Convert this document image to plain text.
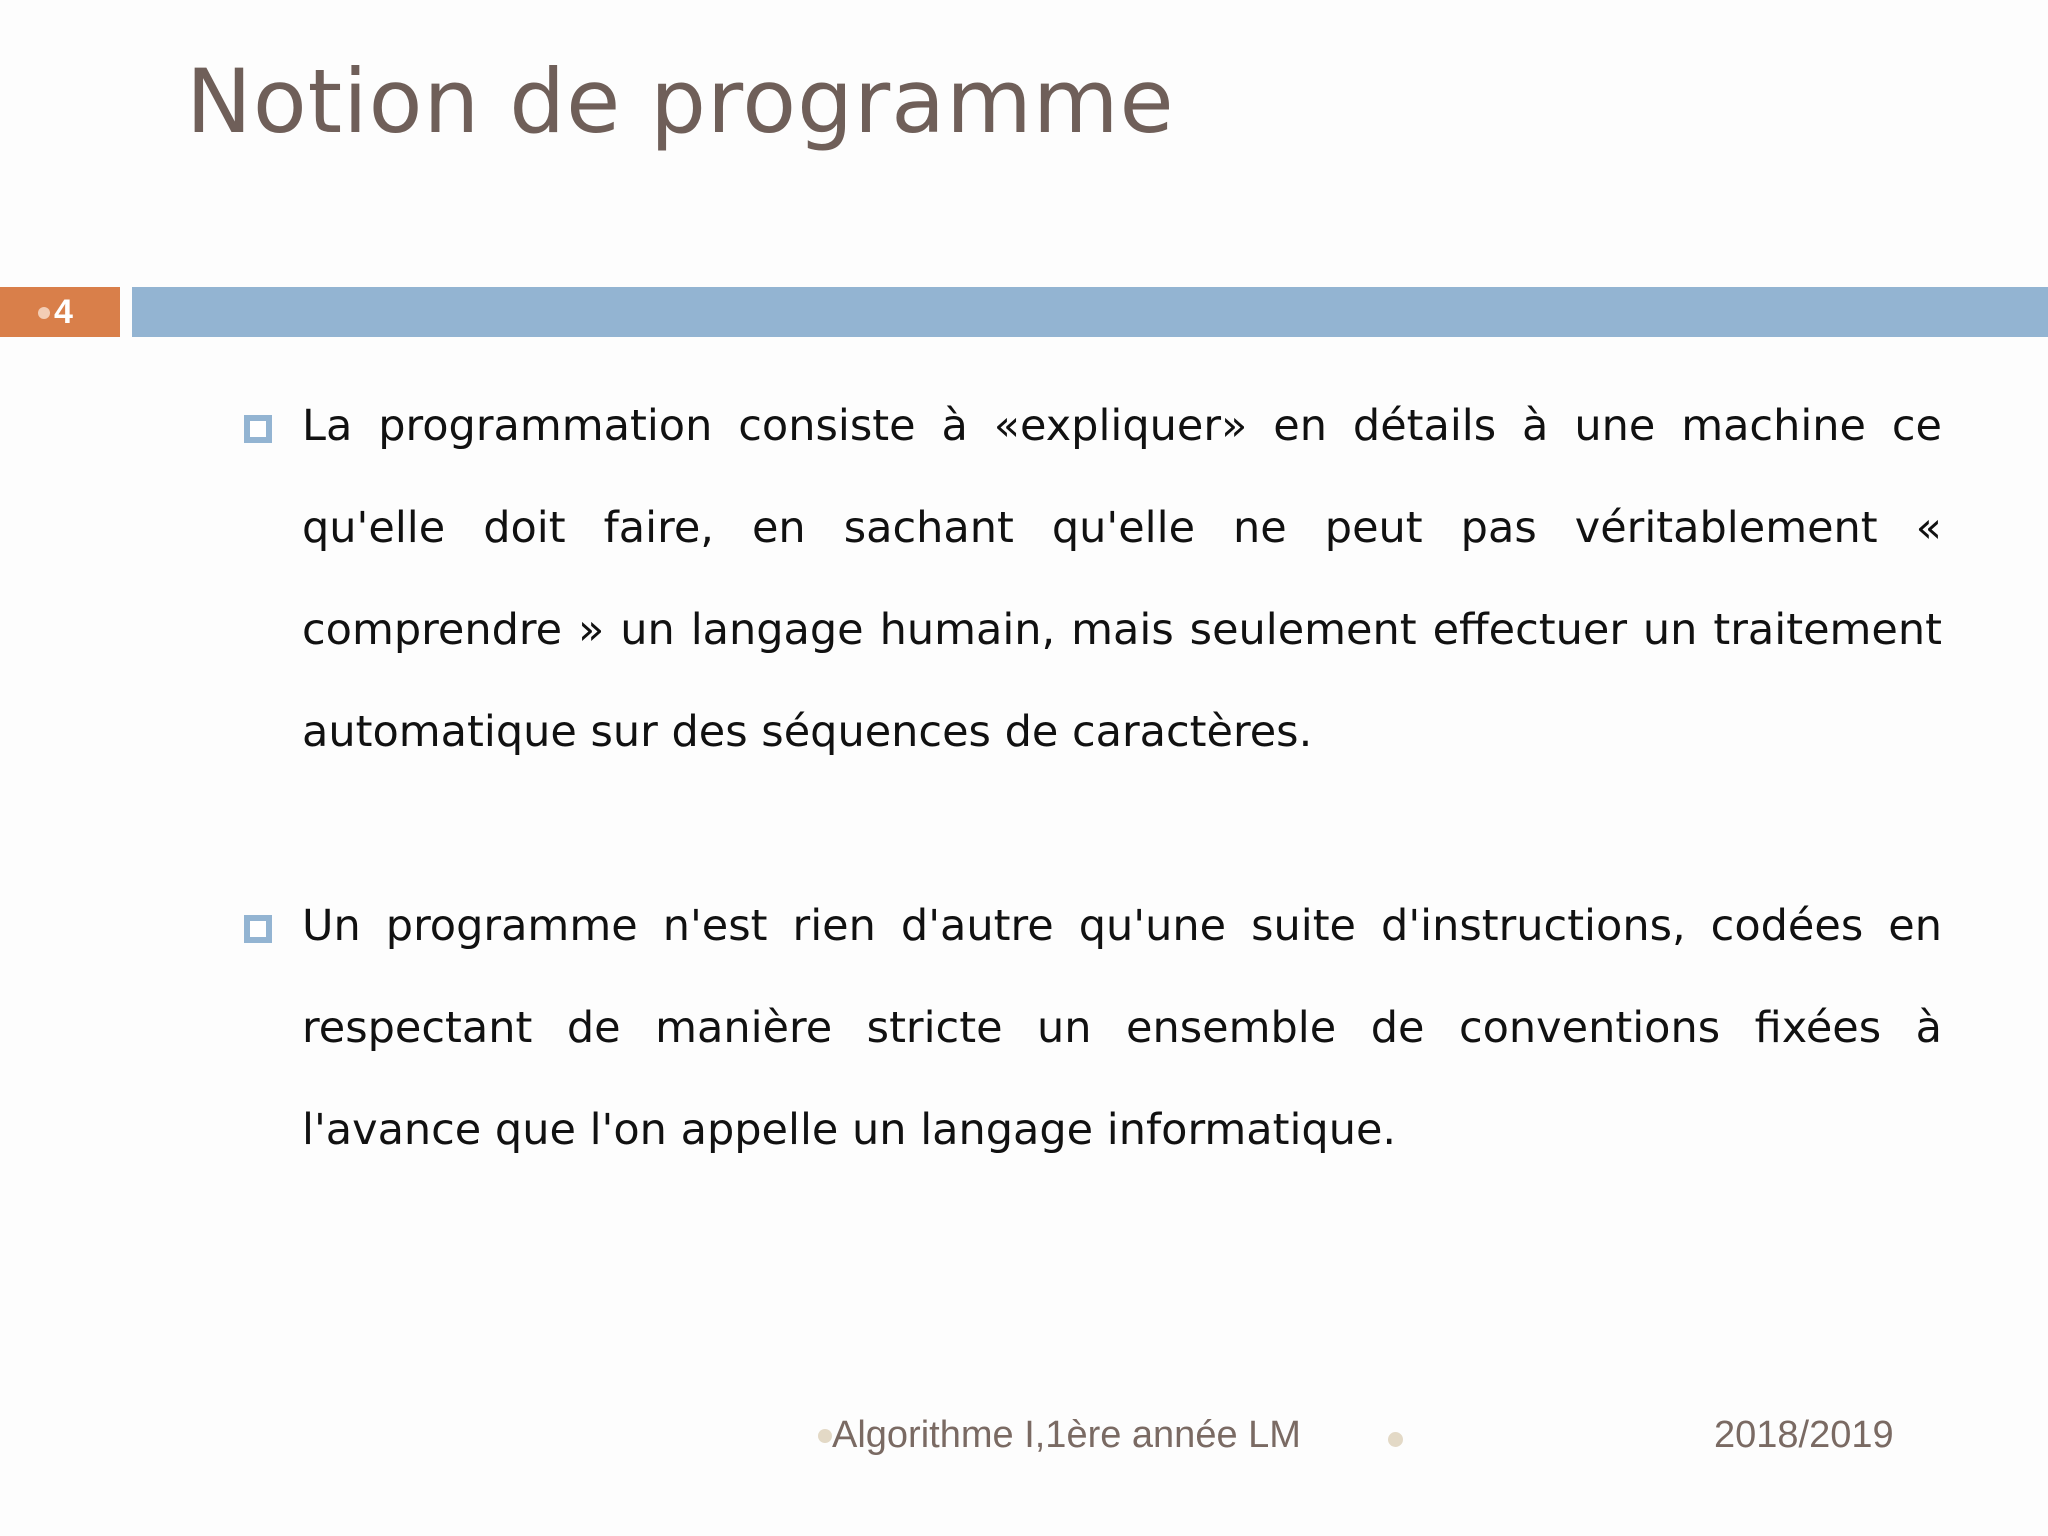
Notion de programme
4
La programmation consiste à «expliquer» en détails à une machine ce qu'elle doit faire, en sachant qu'elle ne peut pas véritablement « comprendre » un langage humain, mais seulement effectuer un traitement automatique sur des séquences de caractères.
Un programme n'est rien d'autre qu'une suite d'instructions, codées en respectant de manière stricte un ensemble de conventions fixées à l'avance que l'on appelle un langage informatique.
Algorithme I,1ère année LM	2018/2019
